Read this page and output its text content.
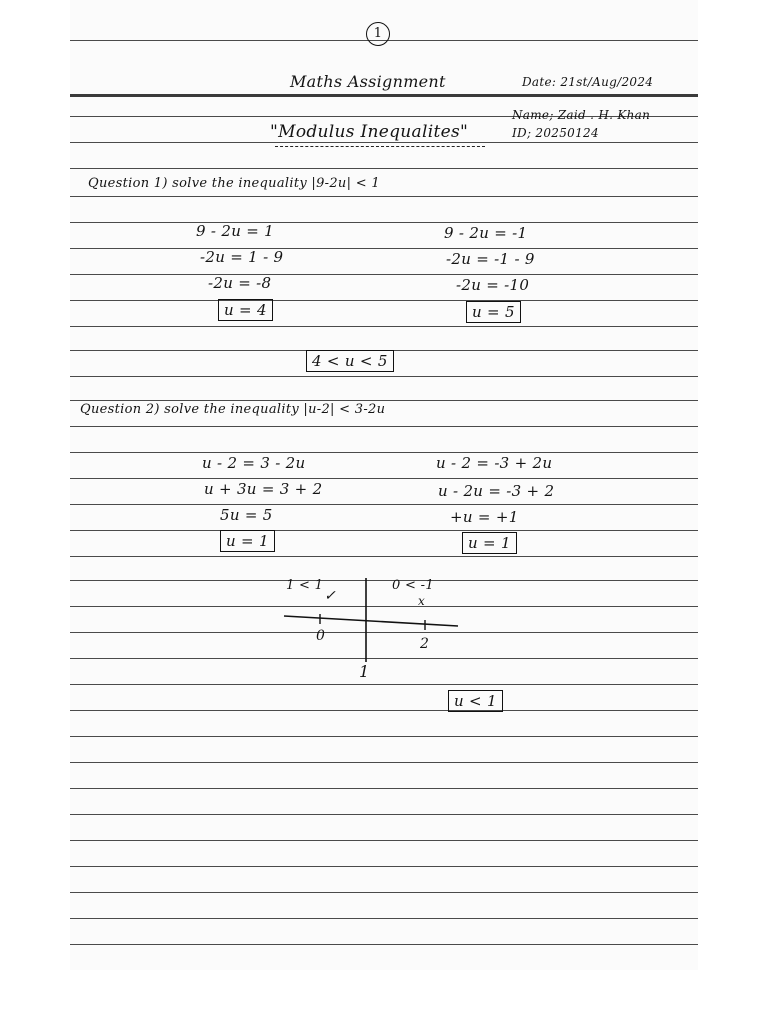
1
Maths Assignment	Date: 21st/Aug/2024
Name; Zaid . H. Khan
ID; 20250124
"Modulus Inequalites"
Question 1) solve the inequality |9-2u| < 1
9 - 2u = 1
-2u = 1 - 9
-2u = -8
u = 4
9 - 2u = -1
-2u = -1 - 9
-2u = -10
u = 5
4 < u < 5
Question 2) solve the inequality |u-2| < 3-2u
u - 2 = 3 - 2u
u + 3u = 3 + 2
5u = 5
u = 1
u - 2 = -3 + 2u
u - 2u = -3 + 2
+u = +1
u = 1
1 < 1
✓
0 < -1
x
0	2
1
u < 1
